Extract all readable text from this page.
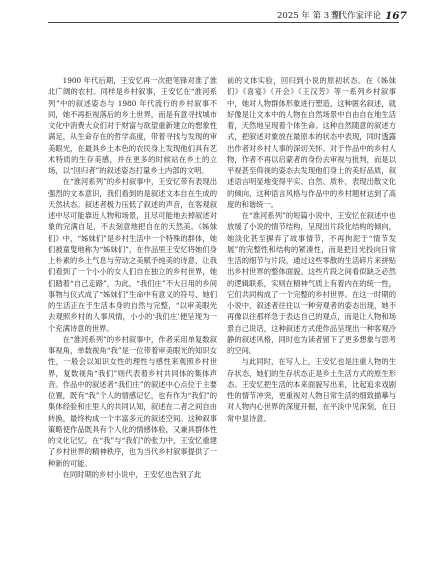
2025 年 第 3 期
当代作家评论 167

1900 年代后期，王安忆再一次把笔锋对准了淮北广阔的农村。同样是乡村叙事，王安忆在“淮河系列”中的叙述姿态与 1980 年代流行的乡村叙事不同，她不再拒视落后的乡土世界，而是有意寻找城市文化中消费大众们对于财富与欲望重新建立的想象性满足，从生命存在的哲学高度，带着寻找与发现的审美眼光，在最具乡土本色的农民身上发现他们具有艺术特质的生存美感，并在更多的时候站在乡土的立场，以“回归者”的叙述姿态打量乡土内部的文明。

在“淮河系列”的乡村叙事中，王安忆带有表现出强烈的文本意识，我们看到的是叙述文本自在生成的天然状态。叙述者极力压低了叙述的声音，在客观叙述中尽可能靠近人物和场景，且尽可能地去掉叙述对象的完满自足，不去刻意地把自在的天然美。《姊妹们》中，“姊妹们”是乡村生活中一个特殊的群体，她们被童叟地称为“姊妹们”，在作品里王安忆将她们身上朴素的乡土气息与劳动之美赋予纯美的诗意，让我们看到了一个小小的女人们自在独立的乡村世界，她们踏着“自己走路”，为此，“我们庄”不大日用的乡间事物与仪式成了“姊妹们”生命中有意义的符号，她们的生活正在于生活本身的自然与完整，“以审美眼光去观照乡村的人事风情，小小的‘我们庄’便呈现为一个充满诗意的世界。

在“淮河系列”的乡村叙事中，作者采用单复数叙事视角，单数视角“我”是一位带着审美眼光的知识女性，一般会以知识女性的理性与感性来观照乡村世界，复数视角“我们”则代表着乡村共同体的集体声音。作品中的叙述者“我们庄”的叙述中心点位于主要位置，既有“我”个人的情感记忆，也有作为“我们”的集体经验和庄里人的共同认知，叙述在二者之间自由转换，最终构成一个丰富多元的叙述空间。这种叙事策略使作品既具有个人化的情感体验，又兼具群体性的文化记忆，在“我”与“我们”的张力中，王安忆重建了乡村世界的精神秩序，也为当代乡村叙事提供了一种新的可能。

在同时期的乡村小说中，王安忆也告别了此

前的文体实验，回归到小说的原初状态。在《姊妹们》《喜宴》《开会》《王汉芳》等一系列乡村叙事中，她对人物群体形象进行塑造，这种匿名叙述，就好像是让文本中的人物在自然场景中自由自在地生活着，天然地呈现着个体生命。这种自然随意的叙述方式，把叙述对象放在最原本的状态中表现，同时透露出作者对乡村人事的深切关怀。对于作品中的乡村人物，作者不再以启蒙者的身份去审视与批判，而是以平视甚至仰视的姿态去发现他们身上的美好品质，叙述语言明显地变得平实、自然、质朴，表现出散文化的倾向，这种语言风格与作品中的乡村题材达到了高度的和谐统一。

在“淮河系列”的短篇小说中，王安忆在叙述中也放缓了小说的情节结构，呈现出片段化结构的倾向，她淡化甚至摒弃了故事情节，不再拘泥于“情节发展”的完整性和结构的紧凑性，而是把目光投向日常生活的细节与片段，通过这些零散的生活碎片来拼贴出乡村世界的整体面貌。这些片段之间看似缺乏必然的逻辑联系，实则在精神气质上有着内在的统一性，它们共同构成了一个完整的乡村世界。在这一时期的小说中，叙述者往往以一种旁观者的姿态出现，她不再像以往那样急于表达自己的观点，而是让人物和场景自己说话，这种叙述方式使作品呈现出一种客观冷静的叙述风格，同时也为读者留下了更多想象与思考的空间。

与此同时，在写人上，王安忆也是注重人物的生存状态，她们的生存状态正是乡土生活方式的原生形态。王安忆把生活的本来面貌写出来，比起追求戏剧性的情节冲突，更重视对人物日常生活的细致描摹与对人物内心世界的深度开掘，在平淡中见深刻，在日常中显诗意。
